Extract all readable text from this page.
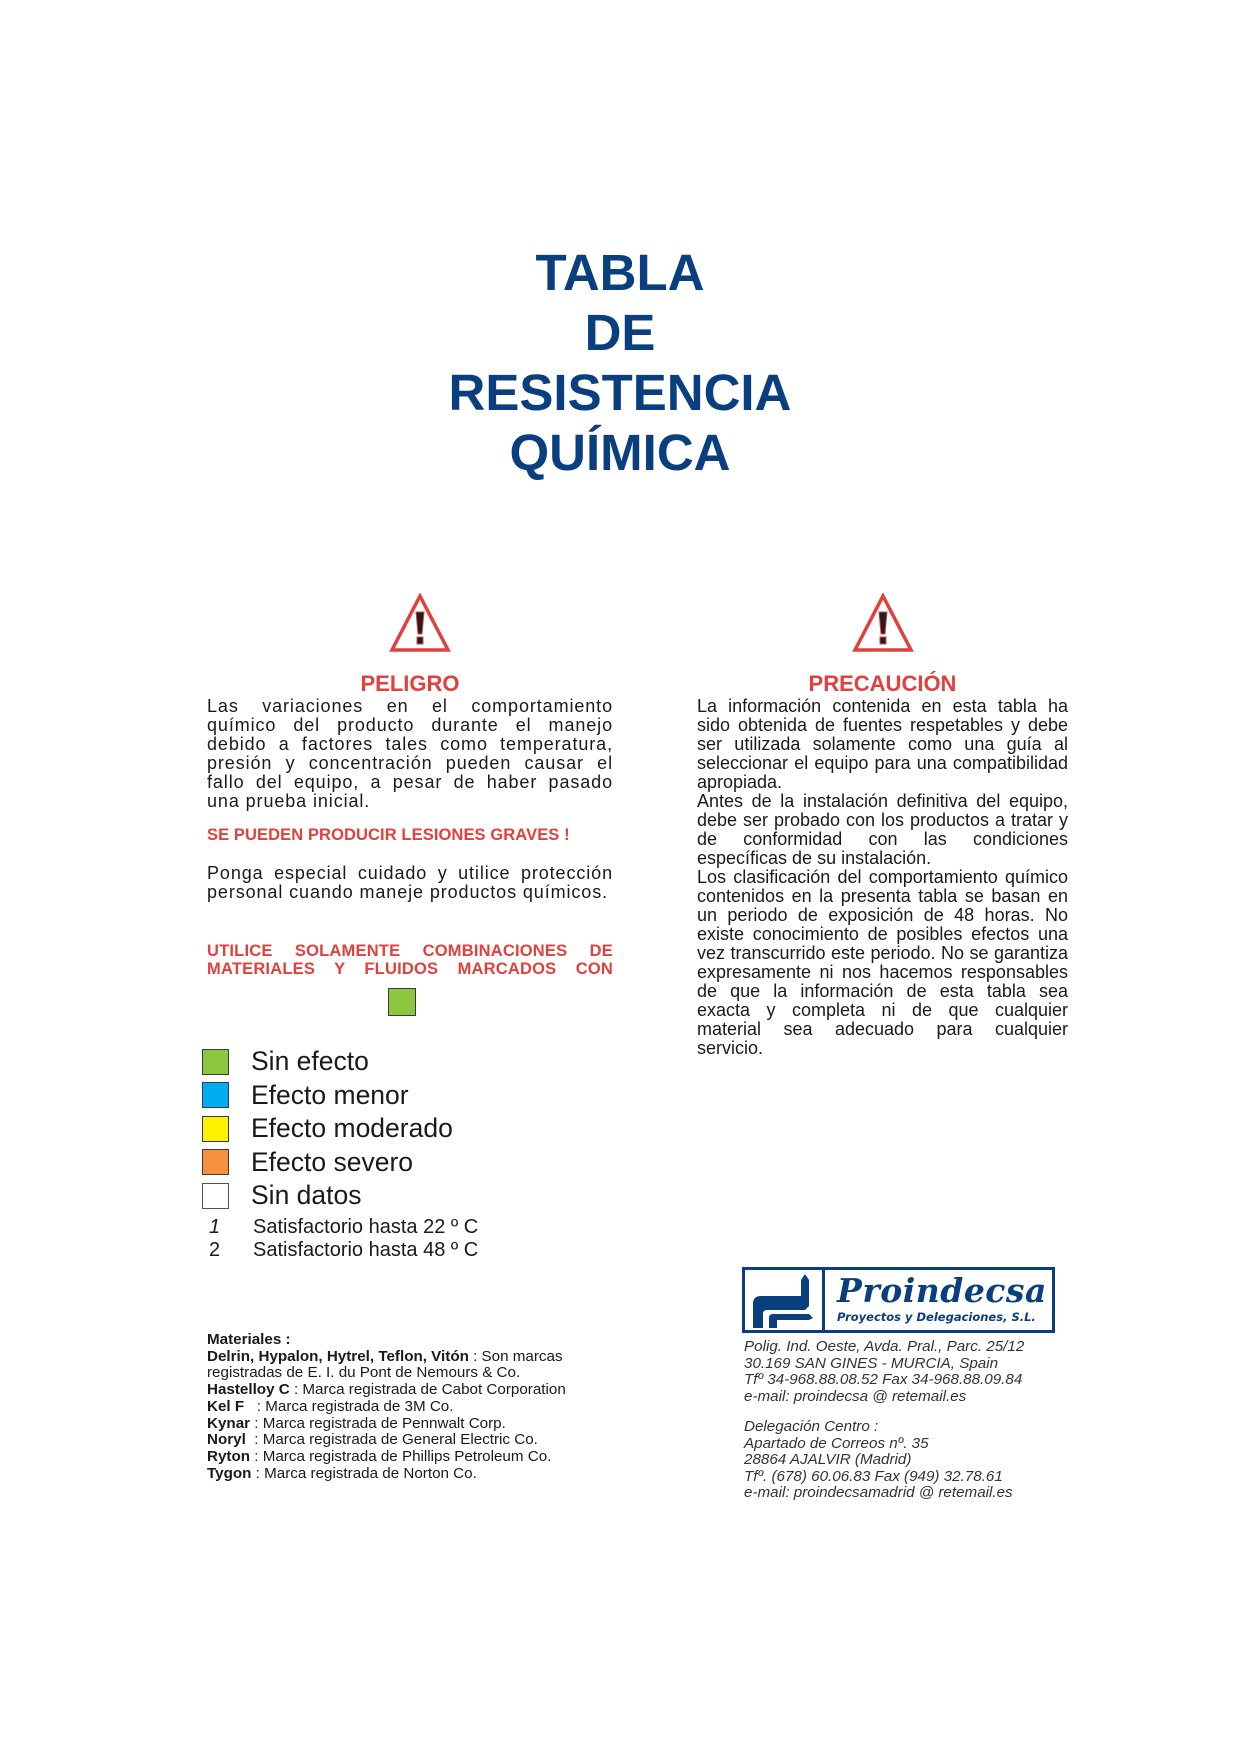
TABLA
DE
RESISTENCIA
QUÍMICA
PELIGRO
Las variaciones en el comportamiento químico del producto durante el manejo debido a factores tales como temperatura, presión y concentración pueden causar el fallo del equipo, a pesar de haber pasado una prueba inicial.
SE PUEDEN PRODUCIR LESIONES GRAVES !
Ponga especial cuidado y utilice protección personal cuando maneje productos químicos.
UTILICE SOLAMENTE COMBINACIONES DE
MATERIALES Y FLUIDOS MARCADOS CON
PRECAUCIÓN
La información contenida en esta tabla ha sido obtenida de fuentes respetables y debe ser utilizada solamente como una guía al seleccionar el equipo para una compatibilidad apropiada.
Antes de la instalación definitiva del equipo, debe ser probado con los productos a tratar y de conformidad con las condiciones específicas de su instalación.
Los clasificación del comportamiento químico contenidos en la presenta tabla se basan en un periodo de exposición de 48 horas. No existe conocimiento de posibles efectos una vez transcurrido este periodo. No se garantiza expresamente ni nos hacemos responsables de que la información de esta tabla sea exacta y completa ni de que cualquier material sea adecuado para cualquier servicio.
Sin efecto
Efecto menor
Efecto moderado
Efecto severo
Sin datos
1	Satisfactorio hasta 22 º C
2	Satisfactorio hasta 48 º C
Materiales :
Delrin, Hypalon, Hytrel, Teflon, Vitón : Son marcas registradas de E. I. du Pont de Nemours & Co.
Hastelloy C : Marca registrada de Cabot Corporation
Kel F   : Marca registrada de 3M Co.
Kynar : Marca registrada de Pennwalt Corp.
Noryl  : Marca registrada de General Electric Co.
Ryton : Marca registrada de Phillips Petroleum Co.
Tygon : Marca registrada de Norton Co.
Proindecsa
Proyectos y Delegaciones, S.L.
Polig. Ind. Oeste, Avda. Pral., Parc. 25/12
30.169 SAN GINES - MURCIA, Spain
Tfº 34-968.88.08.52 Fax 34-968.88.09.84
e-mail: proindecsa @ retemail.es
Delegación Centro :
Apartado de Correos nº. 35
28864 AJALVIR (Madrid)
Tfº. (678) 60.06.83 Fax (949) 32.78.61
e-mail: proindecsamadrid @ retemail.es
